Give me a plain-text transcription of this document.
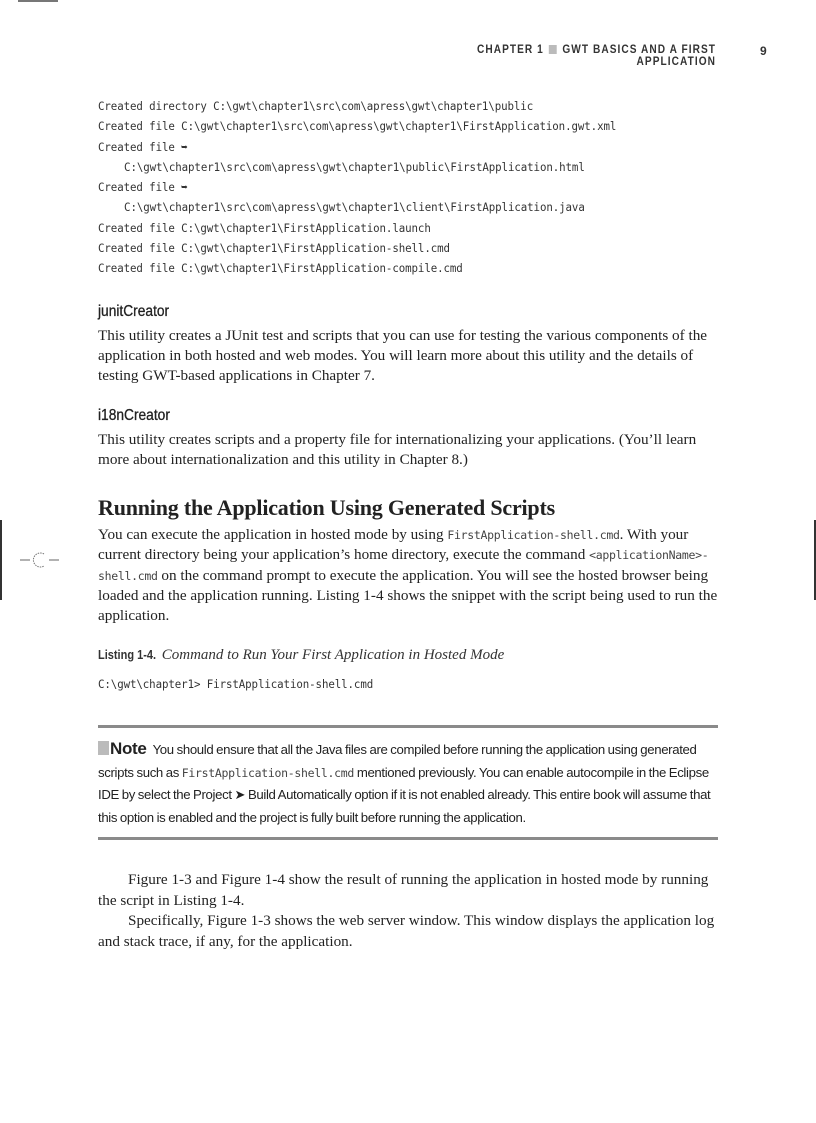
CHAPTER 1 GWT BASICS AND A FIRST APPLICATION
9
Created directory C:\gwt\chapter1\src\com\apress\gwt\chapter1\public
Created file C:\gwt\chapter1\src\com\apress\gwt\chapter1\FirstApplication.gwt.xml
Created file ➥
C:\gwt\chapter1\src\com\apress\gwt\chapter1\public\FirstApplication.html
Created file ➥
C:\gwt\chapter1\src\com\apress\gwt\chapter1\client\FirstApplication.java
Created file C:\gwt\chapter1\FirstApplication.launch
Created file C:\gwt\chapter1\FirstApplication-shell.cmd
Created file C:\gwt\chapter1\FirstApplication-compile.cmd
junitCreator

This utility creates a JUnit test and scripts that you can use for testing the various components of the application in both hosted and web modes. You will learn more about this utility and the details of testing GWT-based applications in Chapter 7.

i18nCreator

This utility creates scripts and a property file for internationalizing your applications. (You’ll learn more about internationalization and this utility in Chapter 8.)

Running the Application Using Generated Scripts

You can execute the application in hosted mode by using FirstApplication-shell.cmd. With your current directory being your application’s home directory, execute the command <applicationName>-shell.cmd on the command prompt to execute the application. You will see the hosted browser being loaded and the application running. Listing 1-4 shows the snippet with the script being used to run the application.

Listing 1-4. Command to Run Your First Application in Hosted Mode
C:\gwt\chapter1> FirstApplication-shell.cmd
Note You should ensure that all the Java files are compiled before running the application using generated scripts such as FirstApplication-shell.cmd mentioned previously. You can enable autocompile in the Eclipse IDE by select the Project ➤ Build Automatically option if it is not enabled already. This entire book will assume that this option is enabled and the project is fully built before running the application.

Figure 1-3 and Figure 1-4 show the result of running the application in hosted mode by running the script in Listing 1-4.

Specifically, Figure 1-3 shows the web server window. This window displays the application log and stack trace, if any, for the application.
